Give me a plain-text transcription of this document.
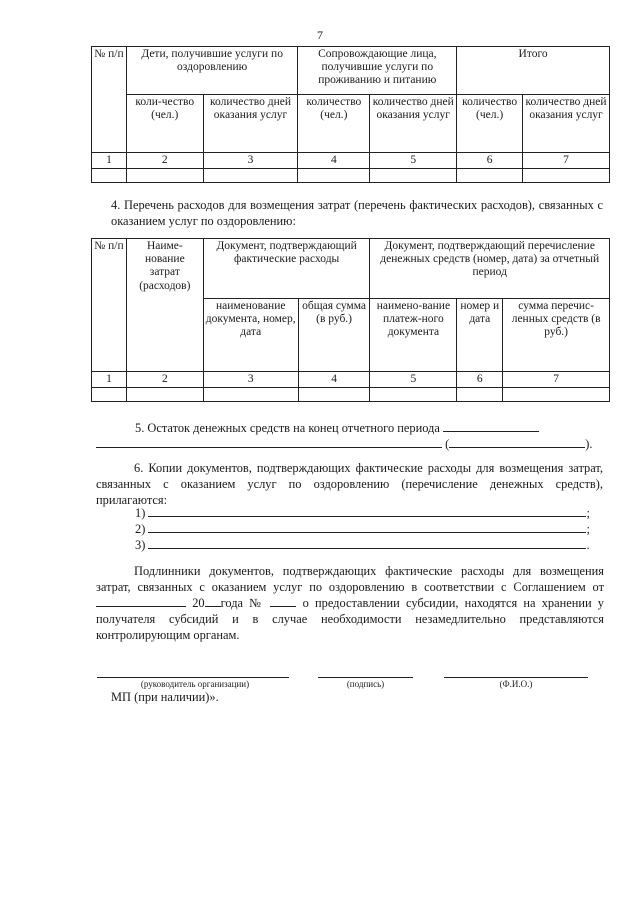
7
№ п/п	Дети, получившие услуги по оздоровлению		Сопровождающие лица, получившие услуги по проживанию и питанию		Итого	
	коли-чество (чел.)	количество дней оказания услуг	количество (чел.)	количество дней оказания услуг	количество (чел.)	количество дней оказания услуг
1	2	3	4	5	6	7

4. Перечень расходов для возмещения затрат (перечень фактических расходов), связанных с оказанием услуг по оздоровлению:
№ п/п	Наиме-нование затрат (расходов)	Документ, подтверждающий фактические расходы		Документ, подтверждающий перечисление денежных средств (номер, дата) за отчетный период		
		наименование документа, номер, дата	общая сумма (в руб.)	наимено-вание платеж-ного документа	номер и дата	сумма перечис-ленных средств (в руб.)
1	2	3	4	5	6	7

5. Остаток денежных средств на конец отчетного периода
(	).
6. Копии документов, подтверждающих фактические расходы для возмещения затрат, связанных с оказанием услуг по оздоровлению (перечисление денежных средств), прилагаются:
1)	;
2)	;
3)	.
Подлинники документов, подтверждающих фактические расходы для возмещения затрат, связанных с оказанием услуг по оздоровлению в соответствии с Соглашением от  20 года №	о предоставлении субсидии, находятся на хранении у получателя субсидий и в случае необходимости незамедлительно представляются контролирующим органам.
(руководитель организации)	(подпись)	(Ф.И.О.)
МП (при наличии)».
